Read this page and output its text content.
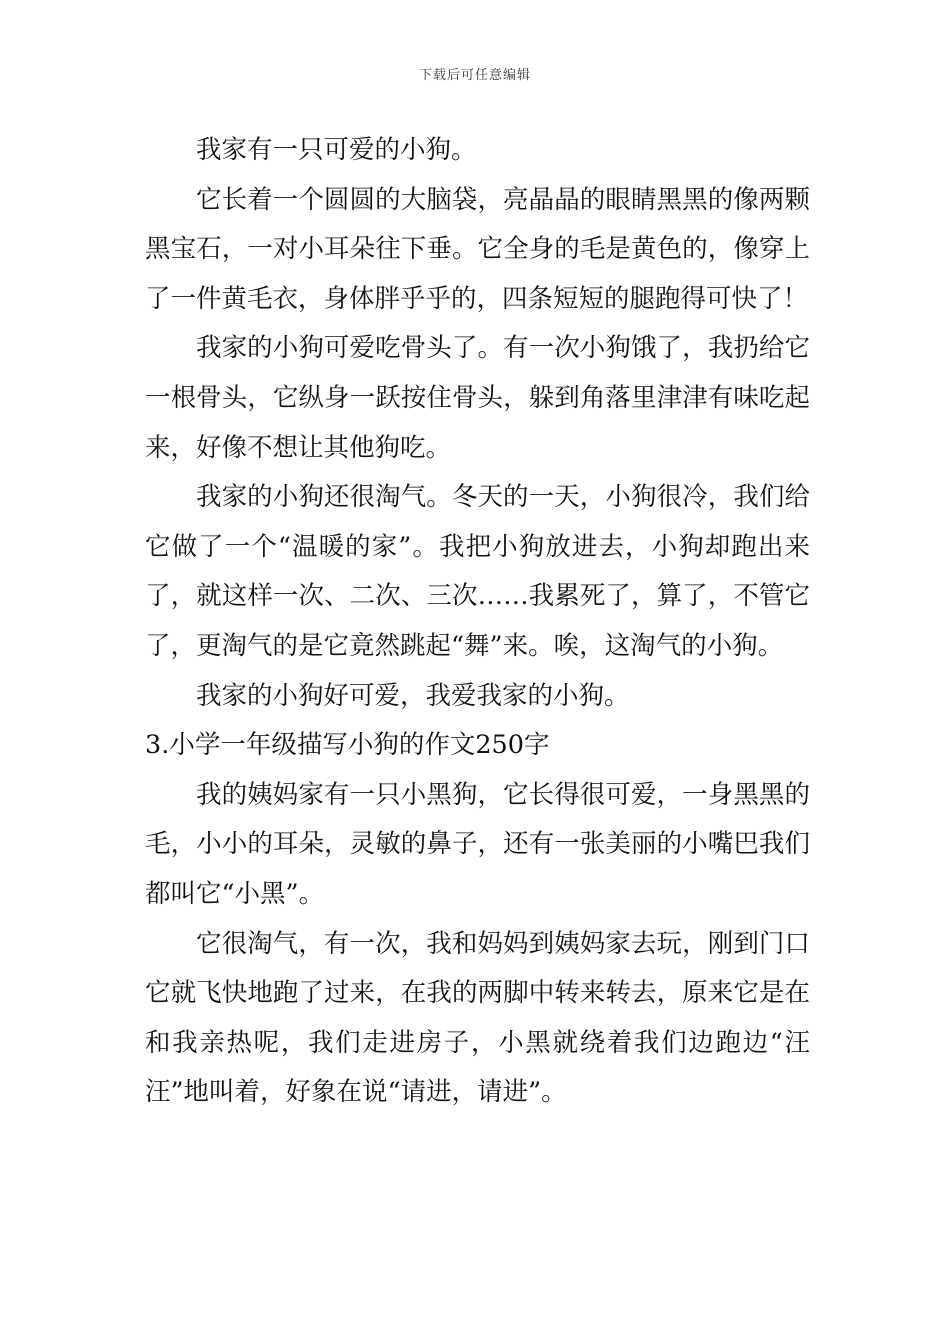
下载后可任意编辑

我家有一只可爱的小狗。

它长着一个圆圆的大脑袋，亮晶晶的眼睛黑黑的像两颗黑宝石，一对小耳朵往下垂。它全身的毛是黄色的，像穿上了一件黄毛衣，身体胖乎乎的，四条短短的腿跑得可快了！

我家的小狗可爱吃骨头了。有一次小狗饿了，我扔给它一根骨头，它纵身一跃按住骨头，躲到角落里津津有味吃起来，好像不想让其他狗吃。

我家的小狗还很淘气。冬天的一天，小狗很冷，我们给它做了一个“温暖的家”。我把小狗放进去，小狗却跑出来了，就这样一次、二次、三次……我累死了，算了，不管它了，更淘气的是它竟然跳起“舞”来。唉，这淘气的小狗。

我家的小狗好可爱，我爱我家的小狗。

3.小学一年级描写小狗的作文250字

我的姨妈家有一只小黑狗，它长得很可爱，一身黑黑的毛，小小的耳朵，灵敏的鼻子，还有一张美丽的小嘴巴我们都叫它“小黑”。

它很淘气，有一次，我和妈妈到姨妈家去玩，刚到门口它就飞快地跑了过来，在我的两脚中转来转去，原来它是在和我亲热呢，我们走进房子，小黑就绕着我们边跑边“汪汪”地叫着，好象在说“请进，请进”。
